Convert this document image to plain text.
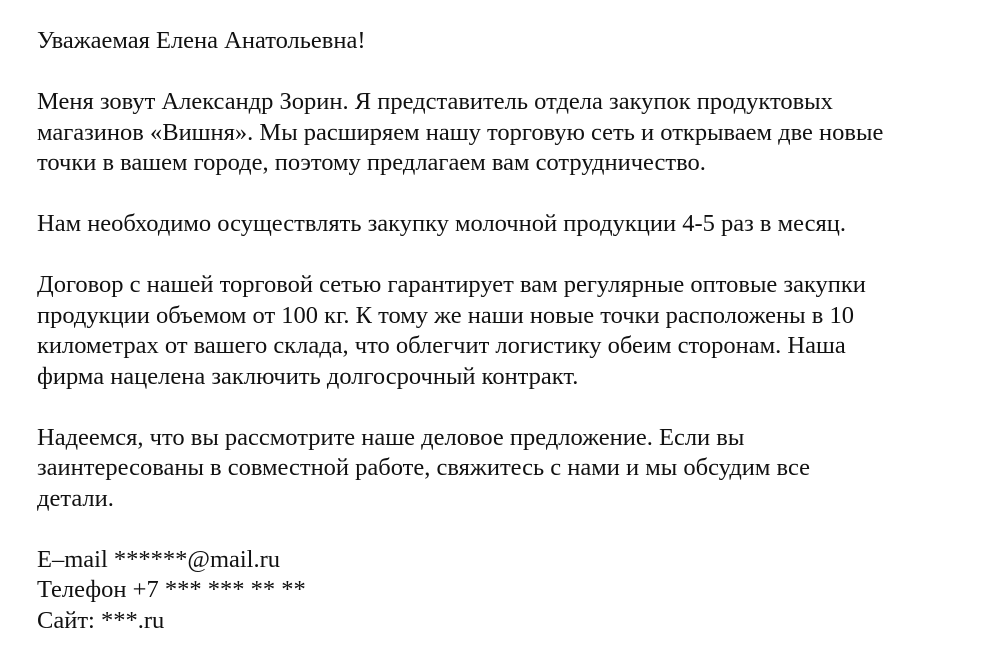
Уважаемая Елена Анатольевна!

Меня зовут Александр Зорин. Я представитель отдела закупок продуктовых
магазинов «Вишня». Мы расширяем нашу торговую сеть и открываем две новые
точки в вашем городе, поэтому предлагаем вам сотрудничество.

Нам необходимо осуществлять закупку молочной продукции 4-5 раз в месяц.

Договор с нашей торговой сетью гарантирует вам регулярные оптовые закупки
продукции объемом от 100 кг. К тому же наши новые точки расположены в 10
километрах от вашего склада, что облегчит логистику обеим сторонам. Наша
фирма нацелена заключить долгосрочный контракт.

Надеемся, что вы рассмотрите наше деловое предложение. Если вы
заинтересованы в совместной работе, свяжитесь с нами и мы обсудим все
детали.

E–mail ******@mail.ru
Телефон +7 *** *** ** **
Сайт: ***.ru
